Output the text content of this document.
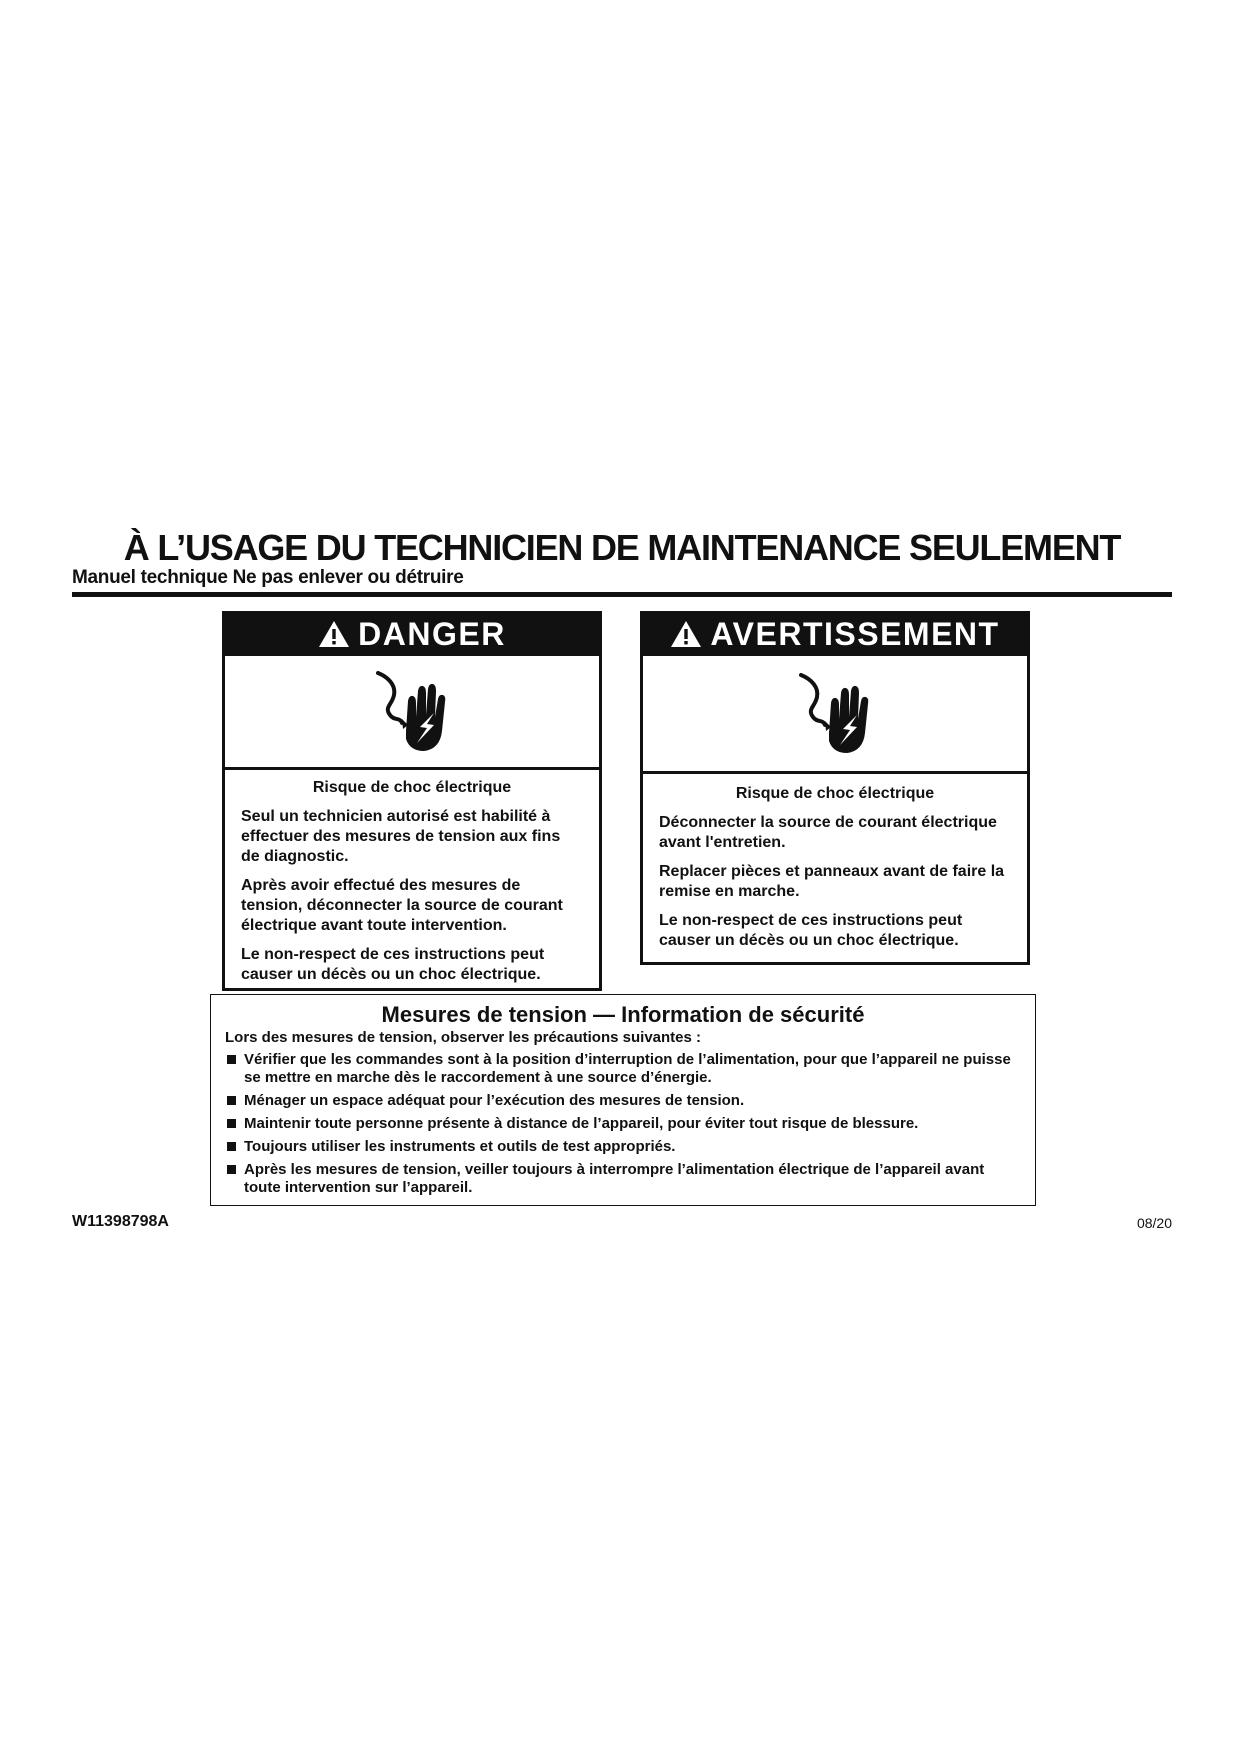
À L’USAGE DU TECHNICIEN DE MAINTENANCE SEULEMENT
Manuel technique Ne pas enlever ou détruire
DANGER
Risque de choc électrique

Seul un technicien autorisé est habilité à effectuer des mesures de tension aux fins de diagnostic.

Après avoir effectué des mesures de tension, déconnecter la source de courant électrique avant toute intervention.

Le non-respect de ces instructions peut causer un décès ou un choc électrique.

AVERTISSEMENT
Risque de choc électrique

Déconnecter la source de courant électrique avant l'entretien.

Replacer pièces et panneaux avant de faire la remise en marche.

Le non-respect de ces instructions peut causer un décès ou un choc électrique.

Mesures de tension — Information de sécurité
Lors des mesures de tension, observer les précautions suivantes :
Vérifier que les commandes sont à la position d’interruption de l’alimentation, pour que l’appareil ne puisse se mettre en marche dès le raccordement à une source d’énergie.
Ménager un espace adéquat pour l’exécution des mesures de tension.
Maintenir toute personne présente à distance de l’appareil, pour éviter tout risque de blessure.
Toujours utiliser les instruments et outils de test appropriés.
Après les mesures de tension, veiller toujours à interrompre l’alimentation électrique de l’appareil avant toute intervention sur l’appareil.
W11398798A	08/20
